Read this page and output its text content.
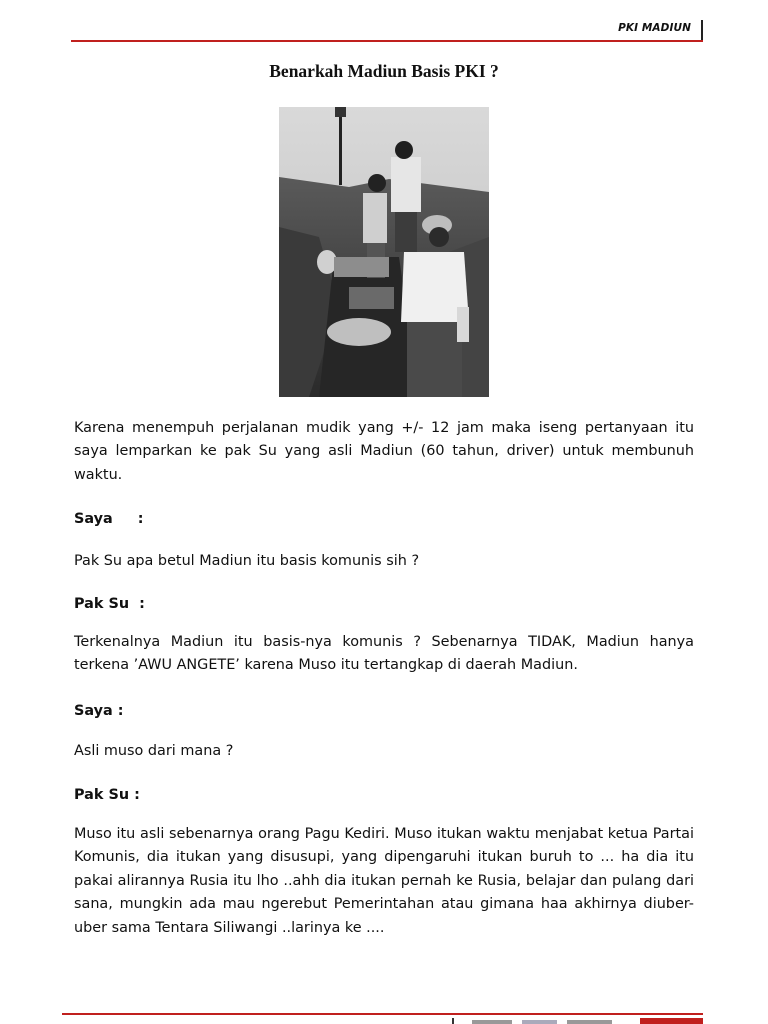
PKI MADIUN
Benarkah Madiun Basis PKI ?

Karena menempuh perjalanan mudik yang +/- 12 jam maka iseng pertanyaan itu saya lemparkan ke pak Su yang asli Madiun (60 tahun, driver) untuk membunuh waktu.

Saya     :

Pak Su apa betul Madiun itu basis komunis sih ?

Pak Su  :

Terkenalnya Madiun itu basis-nya komunis ? Sebenarnya TIDAK, Madiun hanya terkena ’AWU ANGETE’ karena Muso itu tertangkap di daerah Madiun.

Saya :

Asli muso dari mana ?

Pak Su :

Muso itu asli sebenarnya orang Pagu Kediri. Muso itukan waktu menjabat ketua Partai Komunis, dia itukan yang disusupi, yang dipengaruhi itukan buruh to ... ha dia itu pakai alirannya Rusia itu lho ..ahh dia itukan pernah ke Rusia, belajar dan pulang dari sana, mungkin ada mau ngerebut Pemerintahan atau gimana haa akhirnya diuber-uber sama Tentara Siliwangi ..larinya ke ....
